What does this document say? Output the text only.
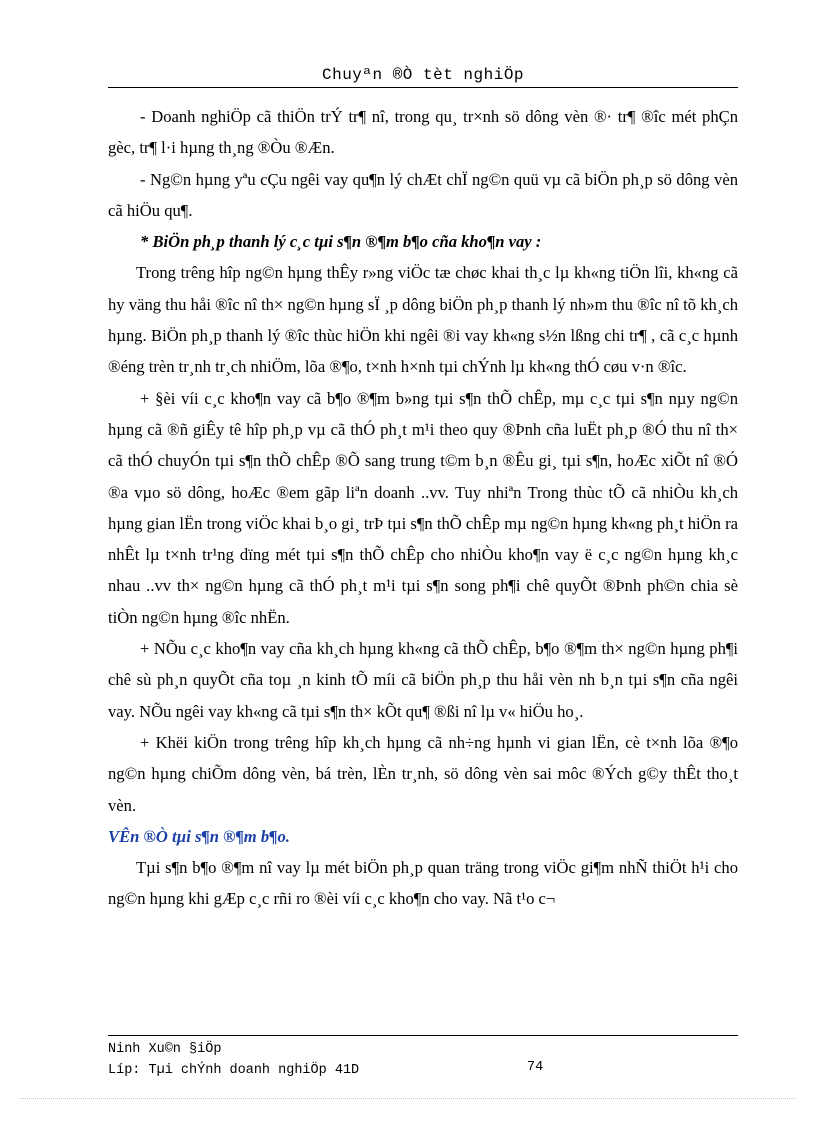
Chuyªn ®Ò tèt nghiÖp

- Doanh nghiÖp cã thiÖn trÝ tr¶ nî, trong qu¸ tr×nh sö dông vèn ®· tr¶ ®îc mét phÇn gèc, tr¶ l·i hµng th¸ng ®Òu ®Æn.

- Ng©n hµng yªu cÇu ngêi vay qu¶n lý chÆt chÏ ng©n quü vµ cã biÖn ph¸p sö dông vèn cã hiÖu qu¶.

* BiÖn ph¸p thanh lý c¸c tµi s¶n ®¶m b¶o cña kho¶n vay :

Trong trêng hîp ng©n hµng thÊy r»ng viÖc tæ chøc khai th¸c lµ kh«ng tiÖn lîi, kh«ng cã hy väng thu håi ®îc nî th× ng©n hµng sÏ ¸p dông biÖn ph¸p thanh lý nh»m thu ®îc nî tõ kh¸ch hµng. BiÖn ph¸p thanh lý ®îc thùc hiÖn khi ngêi ®i vay kh«ng s½n lßng chi tr¶ , cã c¸c hµnh ®éng trèn tr¸nh tr¸ch nhiÖm, lõa ®¶o, t×nh h×nh tµi chÝnh lµ kh«ng thÓ cøu v·n ®îc.

+ §èi víi c¸c kho¶n vay cã b¶o ®¶m b»ng tµi s¶n thÕ chÊp, mµ c¸c tµi s¶n nµy ng©n hµng cã ®ñ giÊy tê hîp ph¸p vµ cã thÓ ph¸t m¹i theo quy ®Þnh cña luËt ph¸p ®Ó thu nî th× cã thÓ chuyÓn tµi s¶n thÕ chÊp ®Õ sang trung t©m b¸n ®Êu gi¸ tµi s¶n, hoÆc xiÕt nî ®Ó ®a vµo sö dông, hoÆc ®em gãp liªn doanh ..vv. Tuy nhiªn Trong thùc tÕ cã nhiÒu kh¸ch hµng gian lËn trong viÖc khai b¸o gi¸ trÞ tµi s¶n thÕ chÊp mµ ng©n hµng kh«ng ph¸t hiÖn ra nhÊt lµ t×nh tr¹ng dïng mét tµi s¶n thÕ chÊp cho nhiÒu kho¶n vay ë c¸c ng©n hµng kh¸c nhau ..vv th× ng©n hµng cã thÓ ph¸t m¹i tµi s¶n song ph¶i chê quyÕt ®Þnh ph©n chia sè tiÒn ng©n hµng ®îc nhËn.

+ NÕu c¸c kho¶n vay cña kh¸ch hµng kh«ng cã thÕ chÊp, b¶o ®¶m th× ng©n hµng ph¶i chê sù ph¸n quyÕt cña toµ ¸n kinh tÕ míi cã biÖn ph¸p thu håi vèn nh b¸n tµi s¶n cña ngêi vay. NÕu ngêi vay kh«ng cã tµi s¶n th× kÕt qu¶ ®ßi nî lµ v« hiÖu ho¸.

+ Khëi kiÖn trong trêng hîp kh¸ch hµng cã nh÷ng hµnh vi gian lËn, cè t×nh lõa ®¶o ng©n hµng chiÕm dông vèn, bá trèn, lÈn tr¸nh, sö dông vèn sai môc ®Ých g©y thÊt tho¸t vèn.

VÊn ®Ò tµi s¶n ®¶m b¶o.

Tµi s¶n b¶o ®¶m nî vay lµ mét biÖn ph¸p quan träng trong viÖc gi¶m nhÑ thiÖt h¹i cho ng©n hµng khi gÆp c¸c rñi ro ®èi víi c¸c kho¶n cho vay. Nã t¹o c¬

Ninh Xu©n §iÖp
Líp: Tµi chÝnh doanh nghiÖp 41D	74
